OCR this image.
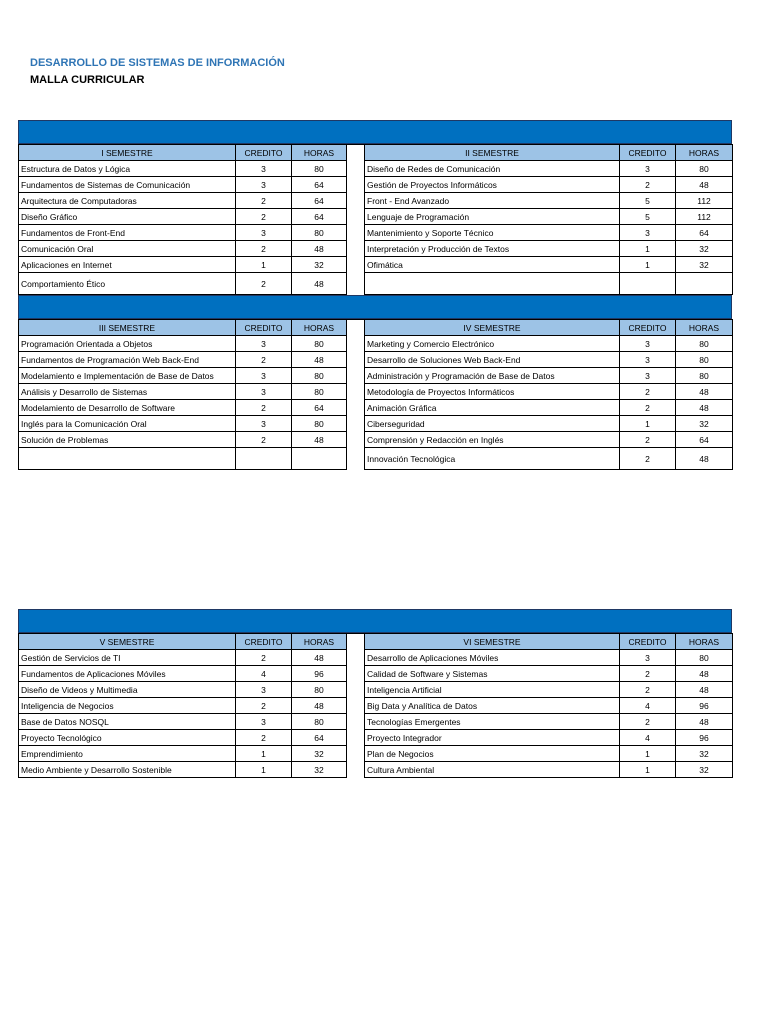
DESARROLLO DE SISTEMAS DE INFORMACIÓN
MALLA CURRICULAR
I SEMESTRE	CREDITO	HORAS		II SEMESTRE	CREDITO	HORAS
Estructura de Datos y Lógica	3	80		Diseño de Redes de Comunicación	3	80
Fundamentos de Sistemas de Comunicación	3	64		Gestión de Proyectos Informáticos	2	48
Arquitectura de Computadoras	2	64		Front - End Avanzado	5	112
Diseño Gráfico	2	64		Lenguaje de Programación	5	112
Fundamentos de Front-End	3	80		Mantenimiento y Soporte Técnico	3	64
Comunicación Oral	2	48		Interpretación y Producción de Textos	1	32
Aplicaciones en Internet	1	32		Ofimática	1	32
Comportamiento Ético	2	48				
III SEMESTRE	CREDITO	HORAS		IV SEMESTRE	CREDITO	HORAS
Programación Orientada a Objetos	3	80		Marketing y Comercio Electrónico	3	80
Fundamentos de Programación Web Back-End	2	48		Desarrollo de Soluciones Web Back-End	3	80
Modelamiento e Implementación de Base de Datos	3	80		Administración y Programación de Base de Datos	3	80
Análisis y Desarrollo de Sistemas	3	80		Metodología de Proyectos Informáticos	2	48
Modelamiento de Desarrollo de Software	2	64		Animación Gráfica	2	48
Inglés para la Comunicación Oral	3	80		Ciberseguridad	1	32
Solución de Problemas	2	48		Comprensión y Redacción en Inglés	2	64
				Innovación Tecnológica	2	48
V SEMESTRE	CREDITO	HORAS		VI SEMESTRE	CREDITO	HORAS
Gestión de Servicios de TI	2	48		Desarrollo de Aplicaciones Móviles	3	80
Fundamentos de Aplicaciones Móviles	4	96		Calidad de Software y Sistemas	2	48
Diseño de Videos y Multimedia	3	80		Inteligencia Artificial	2	48
Inteligencia de Negocios	2	48		Big Data y Analítica de Datos	4	96
Base de Datos NOSQL	3	80		Tecnologías Emergentes	2	48
Proyecto Tecnológico	2	64		Proyecto Integrador	4	96
Emprendimiento	1	32		Plan de Negocios	1	32
Medio Ambiente y Desarrollo Sostenible	1	32		Cultura Ambiental	1	32
